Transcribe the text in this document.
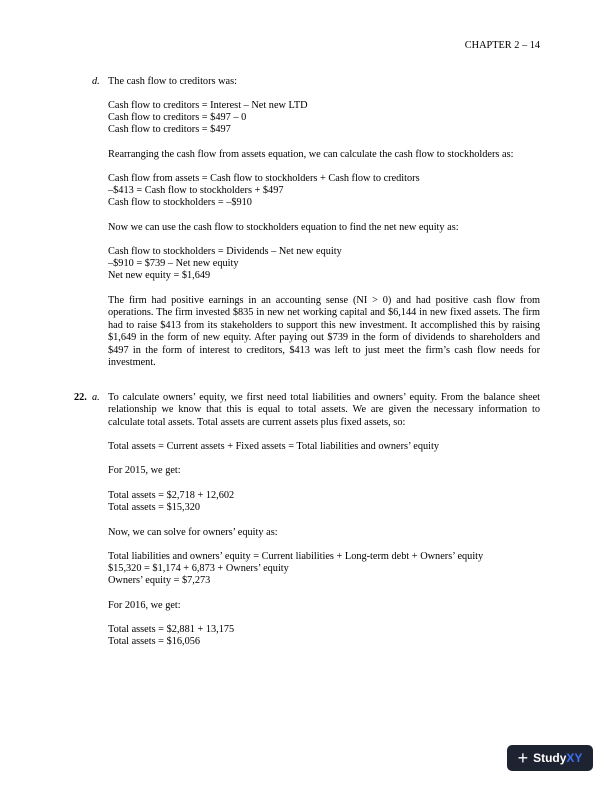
CHAPTER 2 – 14
d. The cash flow to creditors was:
Cash flow to creditors = Interest – Net new LTD
Cash flow to creditors = $497 – 0
Cash flow to creditors = $497
Rearranging the cash flow from assets equation, we can calculate the cash flow to stockholders as:
Cash flow from assets = Cash flow to stockholders + Cash flow to creditors
–$413 = Cash flow to stockholders + $497
Cash flow to stockholders = –$910
Now we can use the cash flow to stockholders equation to find the net new equity as:
Cash flow to stockholders = Dividends – Net new equity
–$910 = $739 – Net new equity
Net new equity = $1,649
The firm had positive earnings in an accounting sense (NI > 0) and had positive cash flow from operations. The firm invested $835 in new net working capital and $6,144 in new fixed assets. The firm had to raise $413 from its stakeholders to support this new investment. It accomplished this by raising $1,649 in the form of new equity. After paying out $739 in the form of dividends to shareholders and $497 in the form of interest to creditors, $413 was left to just meet the firm’s cash flow needs for investment.
22. a. To calculate owners’ equity, we first need total liabilities and owners’ equity. From the balance sheet relationship we know that this is equal to total assets. We are given the necessary information to calculate total assets. Total assets are current assets plus fixed assets, so:
Total assets = Current assets + Fixed assets = Total liabilities and owners’ equity
For 2015, we get:
Total assets = $2,718 + 12,602
Total assets = $15,320
Now, we can solve for owners’ equity as:
Total liabilities and owners’ equity = Current liabilities + Long-term debt + Owners’ equity
$15,320 = $1,174 + 6,873 + Owners’ equity
Owners’ equity = $7,273
For 2016, we get:
Total assets = $2,881 + 13,175
Total assets = $16,056
+ Study XY
